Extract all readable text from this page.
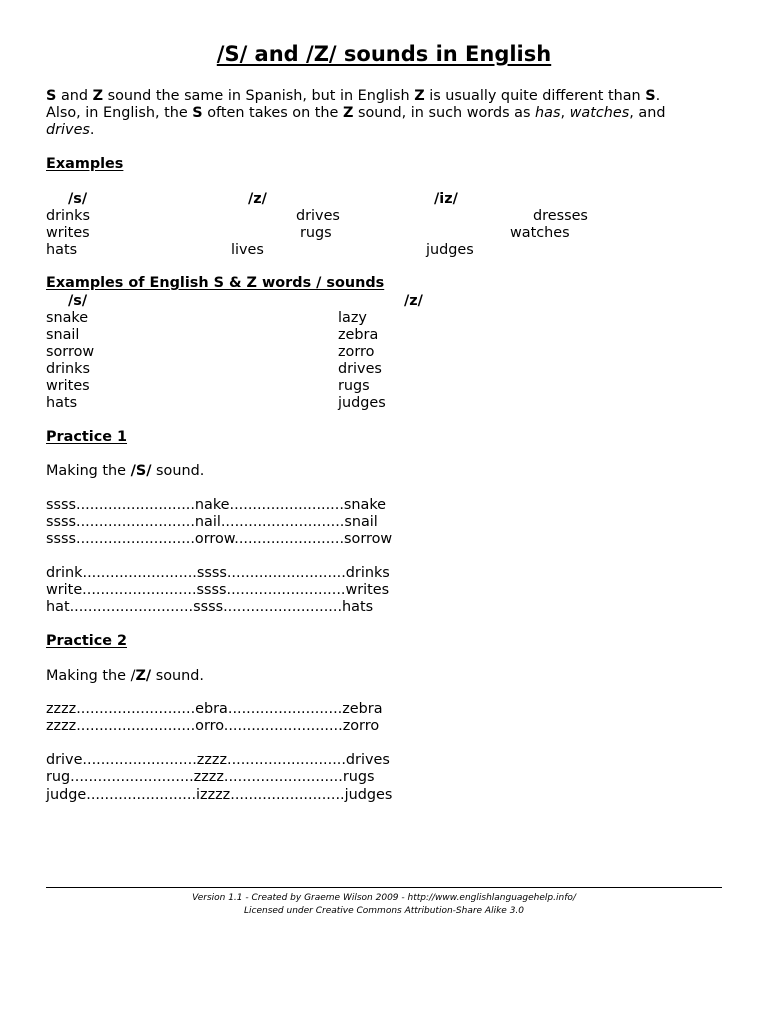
/S/ and /Z/ sounds in English
S and Z sound the same in Spanish, but in English Z is usually quite different than S.
Also, in English, the S often takes on the Z sound, in such words as has, watches, and
drives.
Examples
/s/	/z/	/iz/
drinks	drives	dresses
writes	rugs	watches
hats	lives	judges
Examples of English S & Z words / sounds
/s/	/z/
snake	lazy
snail	zebra
sorrow	zorro
drinks	drives
writes	rugs
hats	judges
Practice 1
Making the /S/ sound.
ssss..........................nake.........................snake
ssss..........................nail...........................snail
ssss..........................orrow........................sorrow
drink.........................ssss..........................drinks
write.........................ssss..........................writes
hat...........................ssss..........................hats
Practice 2
Making the /Z/ sound.
zzzz..........................ebra.........................zebra
zzzz..........................orro..........................zorro
drive.........................zzzz..........................drives
rug...........................zzzz..........................rugs
judge........................izzzz.........................judges
Version 1.1 - Created by Graeme Wilson 2009 - http://www.englishlanguagehelp.info/
Licensed under Creative Commons Attribution-Share Alike 3.0
